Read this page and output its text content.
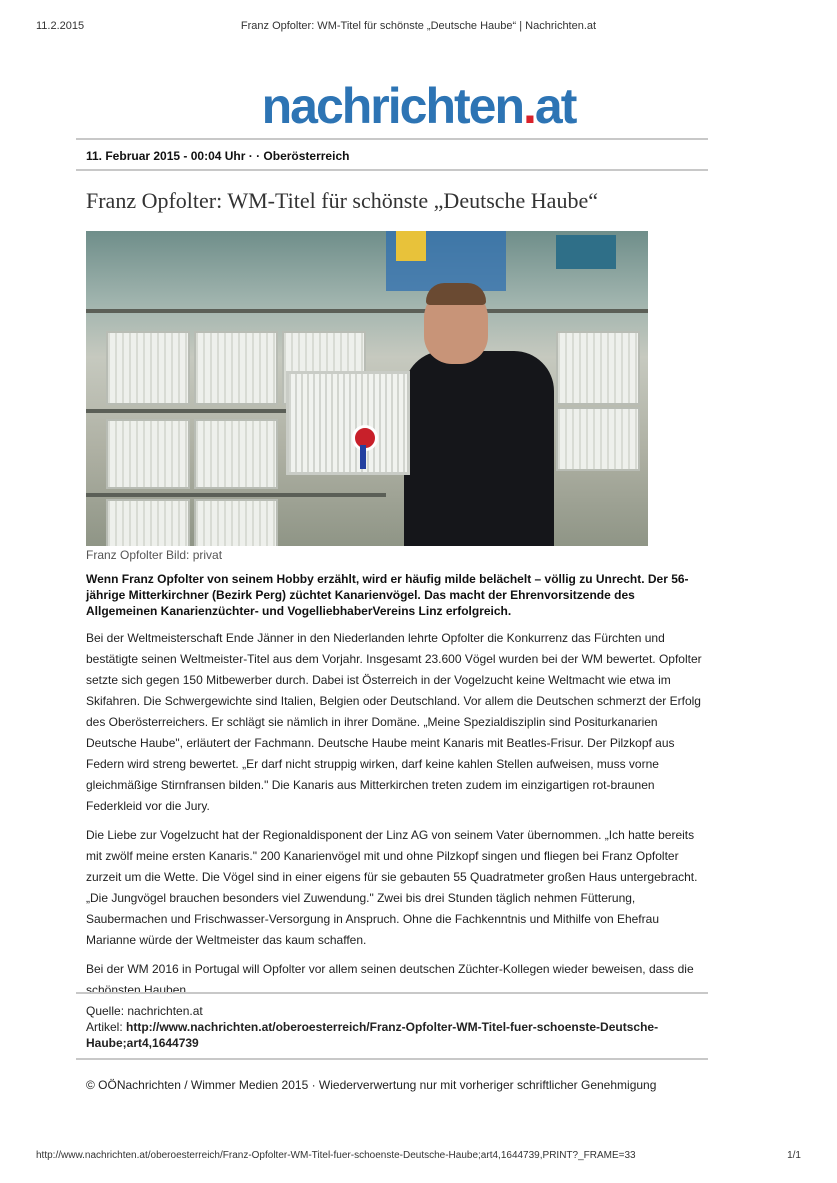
11.2.2015	Franz Opfolter: WM-Titel für schönste „Deutsche Haube“ | Nachrichten.at
nachrichten.at
11. Februar 2015 - 00:04 Uhr · · Oberösterreich
Franz Opfolter: WM-Titel für schönste „Deutsche Haube“
Franz Opfolter Bild: privat

Wenn Franz Opfolter von seinem Hobby erzählt, wird er häufig milde belächelt – völlig zu Unrecht. Der 56-jährige Mitterkirchner (Bezirk Perg) züchtet Kanarienvögel. Das macht der Ehrenvorsitzende des Allgemeinen Kanarienzüchter- und VogelliebhaberVereins Linz erfolgreich.

Bei der Weltmeisterschaft Ende Jänner in den Niederlanden lehrte Opfolter die Konkurrenz das Fürchten und bestätigte seinen Weltmeister-Titel aus dem Vorjahr. Insgesamt 23.600 Vögel wurden bei der WM bewertet. Opfolter setzte sich gegen 150 Mitbewerber durch. Dabei ist Österreich in der Vogelzucht keine Weltmacht wie etwa im Skifahren. Die Schwergewichte sind Italien, Belgien oder Deutschland. Vor allem die Deutschen schmerzt der Erfolg des Oberösterreichers. Er schlägt sie nämlich in ihrer Domäne. „Meine Spezialdisziplin sind Positurkanarien Deutsche Haube", erläutert der Fachmann. Deutsche Haube meint Kanaris mit Beatles-Frisur. Der Pilzkopf aus Federn wird streng bewertet. „Er darf nicht struppig wirken, darf keine kahlen Stellen aufweisen, muss vorne gleichmäßige Stirnfransen bilden." Die Kanaris aus Mitterkirchen treten zudem im einzigartigen rot-braunen Federkleid vor die Jury.

Die Liebe zur Vogelzucht hat der Regionaldisponent der Linz AG von seinem Vater übernommen. „Ich hatte bereits mit zwölf meine ersten Kanaris." 200 Kanarienvögel mit und ohne Pilzkopf singen und fliegen bei Franz Opfolter zurzeit um die Wette. Die Vögel sind in einer eigens für sie gebauten 55 Quadratmeter großen Haus untergebracht. „Die Jungvögel brauchen besonders viel Zuwendung." Zwei bis drei Stunden täglich nehmen Fütterung, Saubermachen und Frischwasser-Versorgung in Anspruch. Ohne die Fachkenntnis und Mithilfe von Ehefrau Marianne würde der Weltmeister das kaum schaffen.

Bei der WM 2016 in Portugal will Opfolter vor allem seinen deutschen Züchter-Kollegen wieder beweisen, dass die schönsten Hauben.

Quelle: nachrichten.at
Artikel: http://www.nachrichten.at/oberoesterreich/Franz-Opfolter-WM-Titel-fuer-schoenste-Deutsche-Haube;art4,1644739
© OÖNachrichten / Wimmer Medien 2015 · Wiederverwertung nur mit vorheriger schriftlicher Genehmigung
http://www.nachrichten.at/oberoesterreich/Franz-Opfolter-WM-Titel-fuer-schoenste-Deutsche-Haube;art4,1644739,PRINT?_FRAME=33	1/1
